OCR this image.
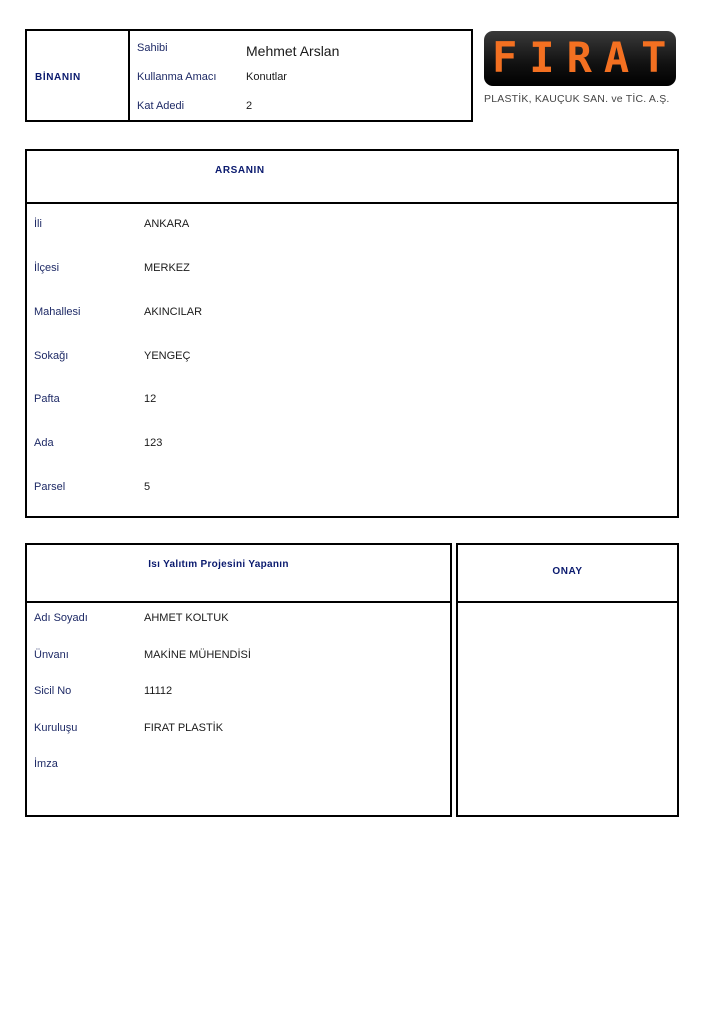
BİNANIN
Sahibi	Mehmet Arslan
Kullanma Amacı	Konutlar
Kat Adedi	2
FIRAT
PLASTİK, KAUÇUK SAN. ve TİC. A.Ş.
ARSANIN
İli	ANKARA
İlçesi	MERKEZ
Mahallesi	AKINCILAR
Sokağı	YENGEÇ
Pafta	12
Ada	123
Parsel	5
Isı Yalıtım Projesini Yapanın
Adı Soyadı	AHMET KOLTUK
Ünvanı	MAKİNE MÜHENDİSİ
Sicil No	11112
Kuruluşu	FIRAT PLASTİK
İmza
ONAY
